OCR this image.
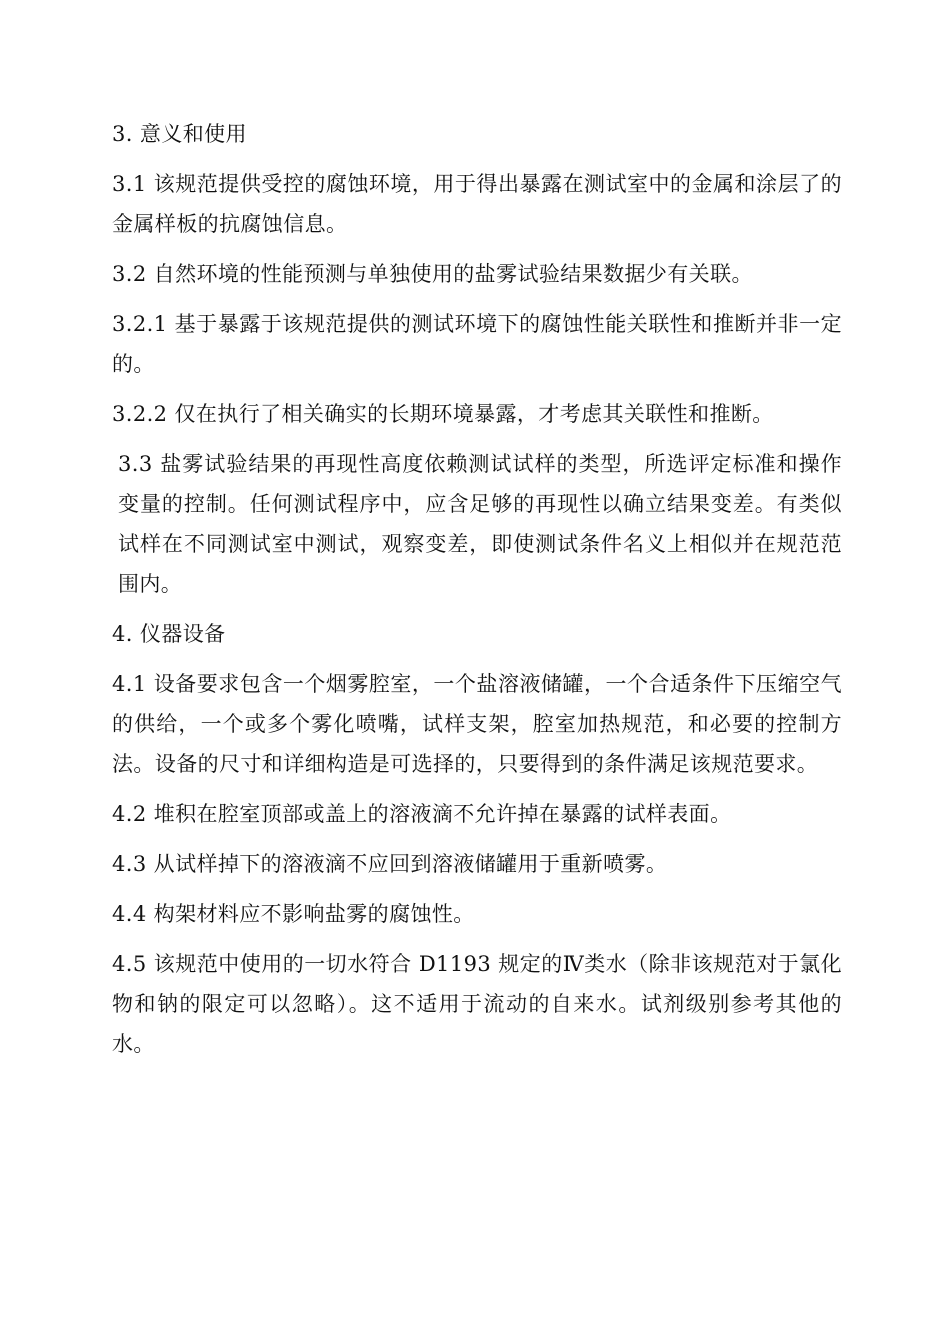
3. 意义和使用

3.1 该规范提供受控的腐蚀环境，用于得出暴露在测试室中的金属和涂层了的金属样板的抗腐蚀信息。

3.2 自然环境的性能预测与单独使用的盐雾试验结果数据少有关联。

3.2.1 基于暴露于该规范提供的测试环境下的腐蚀性能关联性和推断并非一定的。

3.2.2 仅在执行了相关确实的长期环境暴露，才考虑其关联性和推断。

3.3 盐雾试验结果的再现性高度依赖测试试样的类型，所选评定标准和操作变量的控制。任何测试程序中，应含足够的再现性以确立结果变差。有类似试样在不同测试室中测试，观察变差，即使测试条件名义上相似并在规范范围内。

4. 仪器设备

4.1 设备要求包含一个烟雾腔室，一个盐溶液储罐，一个合适条件下压缩空气的供给，一个或多个雾化喷嘴，试样支架，腔室加热规范，和必要的控制方法。设备的尺寸和详细构造是可选择的，只要得到的条件满足该规范要求。

4.2 堆积在腔室顶部或盖上的溶液滴不允许掉在暴露的试样表面。

4.3 从试样掉下的溶液滴不应回到溶液储罐用于重新喷雾。

4.4 构架材料应不影响盐雾的腐蚀性。

4.5 该规范中使用的一切水符合 D1193 规定的Ⅳ类水（除非该规范对于氯化物和钠的限定可以忽略）。这不适用于流动的自来水。试剂级别参考其他的水。
